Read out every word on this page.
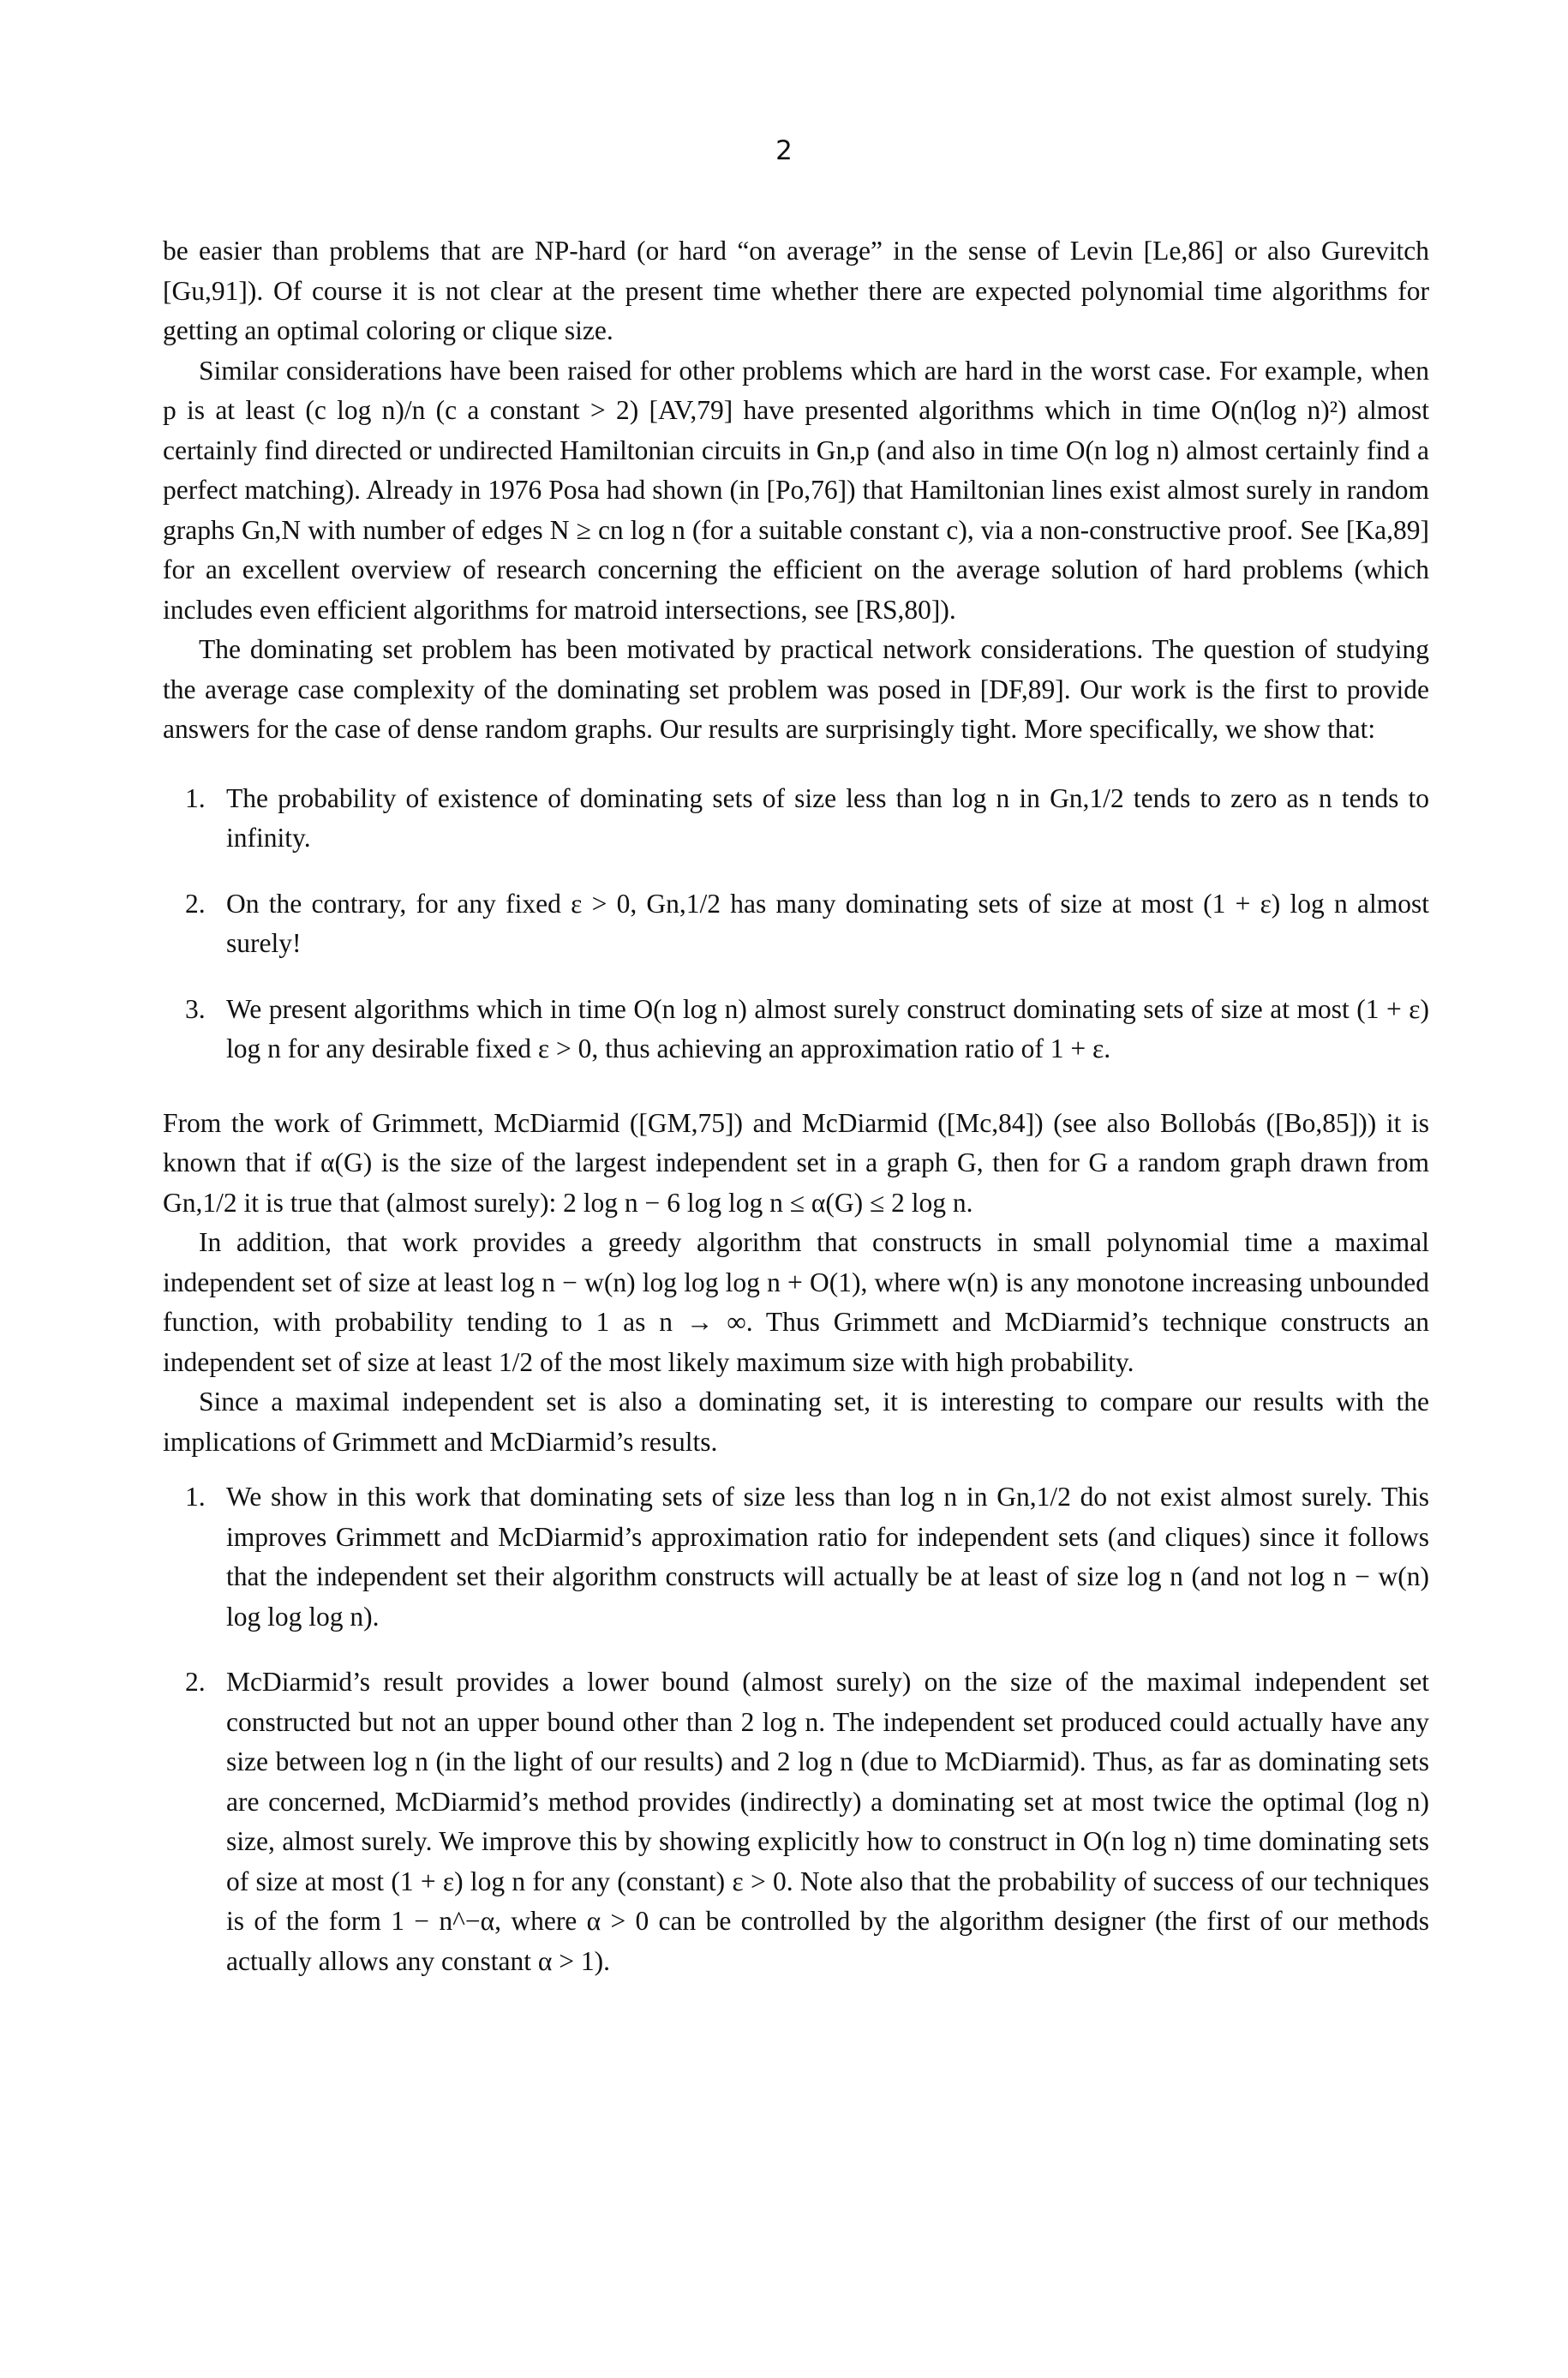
2

be easier than problems that are NP-hard (or hard “on average” in the sense of Levin [Le,86] or also Gurevitch [Gu,91]). Of course it is not clear at the present time whether there are expected polynomial time algorithms for getting an optimal coloring or clique size.

Similar considerations have been raised for other problems which are hard in the worst case. For example, when p is at least (c log n)/n (c a constant > 2) [AV,79] have presented algorithms which in time O(n(log n)²) almost certainly find directed or undirected Hamiltonian circuits in Gn,p (and also in time O(n log n) almost certainly find a perfect matching). Already in 1976 Posa had shown (in [Po,76]) that Hamiltonian lines exist almost surely in random graphs Gn,N with number of edges N ≥ cn log n (for a suitable constant c), via a non-constructive proof. See [Ka,89] for an excellent overview of research concerning the efficient on the average solution of hard problems (which includes even efficient algorithms for matroid intersections, see [RS,80]).

The dominating set problem has been motivated by practical network considerations. The question of studying the average case complexity of the dominating set problem was posed in [DF,89]. Our work is the first to provide answers for the case of dense random graphs. Our results are surprisingly tight. More specifically, we show that:

1. The probability of existence of dominating sets of size less than log n in Gn,1/2 tends to zero as n tends to infinity.
2. On the contrary, for any fixed ε > 0, Gn,1/2 has many dominating sets of size at most (1 + ε) log n almost surely!
3. We present algorithms which in time O(n log n) almost surely construct dominating sets of size at most (1 + ε) log n for any desirable fixed ε > 0, thus achieving an approximation ratio of 1 + ε.

From the work of Grimmett, McDiarmid ([GM,75]) and McDiarmid ([Mc,84]) (see also Bollobás ([Bo,85])) it is known that if α(G) is the size of the largest independent set in a graph G, then for G a random graph drawn from Gn,1/2 it is true that (almost surely): 2 log n − 6 log log n ≤ α(G) ≤ 2 log n.

In addition, that work provides a greedy algorithm that constructs in small polynomial time a maximal independent set of size at least log n − w(n) log log log n + O(1), where w(n) is any monotone increasing unbounded function, with probability tending to 1 as n → ∞. Thus Grimmett and McDiarmid’s technique constructs an independent set of size at least 1/2 of the most likely maximum size with high probability.

Since a maximal independent set is also a dominating set, it is interesting to compare our results with the implications of Grimmett and McDiarmid’s results.

1. We show in this work that dominating sets of size less than log n in Gn,1/2 do not exist almost surely. This improves Grimmett and McDiarmid’s approximation ratio for independent sets (and cliques) since it follows that the independent set their algorithm constructs will actually be at least of size log n (and not log n − w(n) log log log n).
2. McDiarmid’s result provides a lower bound (almost surely) on the size of the maximal independent set constructed but not an upper bound other than 2 log n. The independent set produced could actually have any size between log n (in the light of our results) and 2 log n (due to McDiarmid). Thus, as far as dominating sets are concerned, McDiarmid’s method provides (indirectly) a dominating set at most twice the optimal (log n) size, almost surely. We improve this by showing explicitly how to construct in O(n log n) time dominating sets of size at most (1 + ε) log n for any (constant) ε > 0. Note also that the probability of success of our techniques is of the form 1 − n^−α, where α > 0 can be controlled by the algorithm designer (the first of our methods actually allows any constant α > 1).
